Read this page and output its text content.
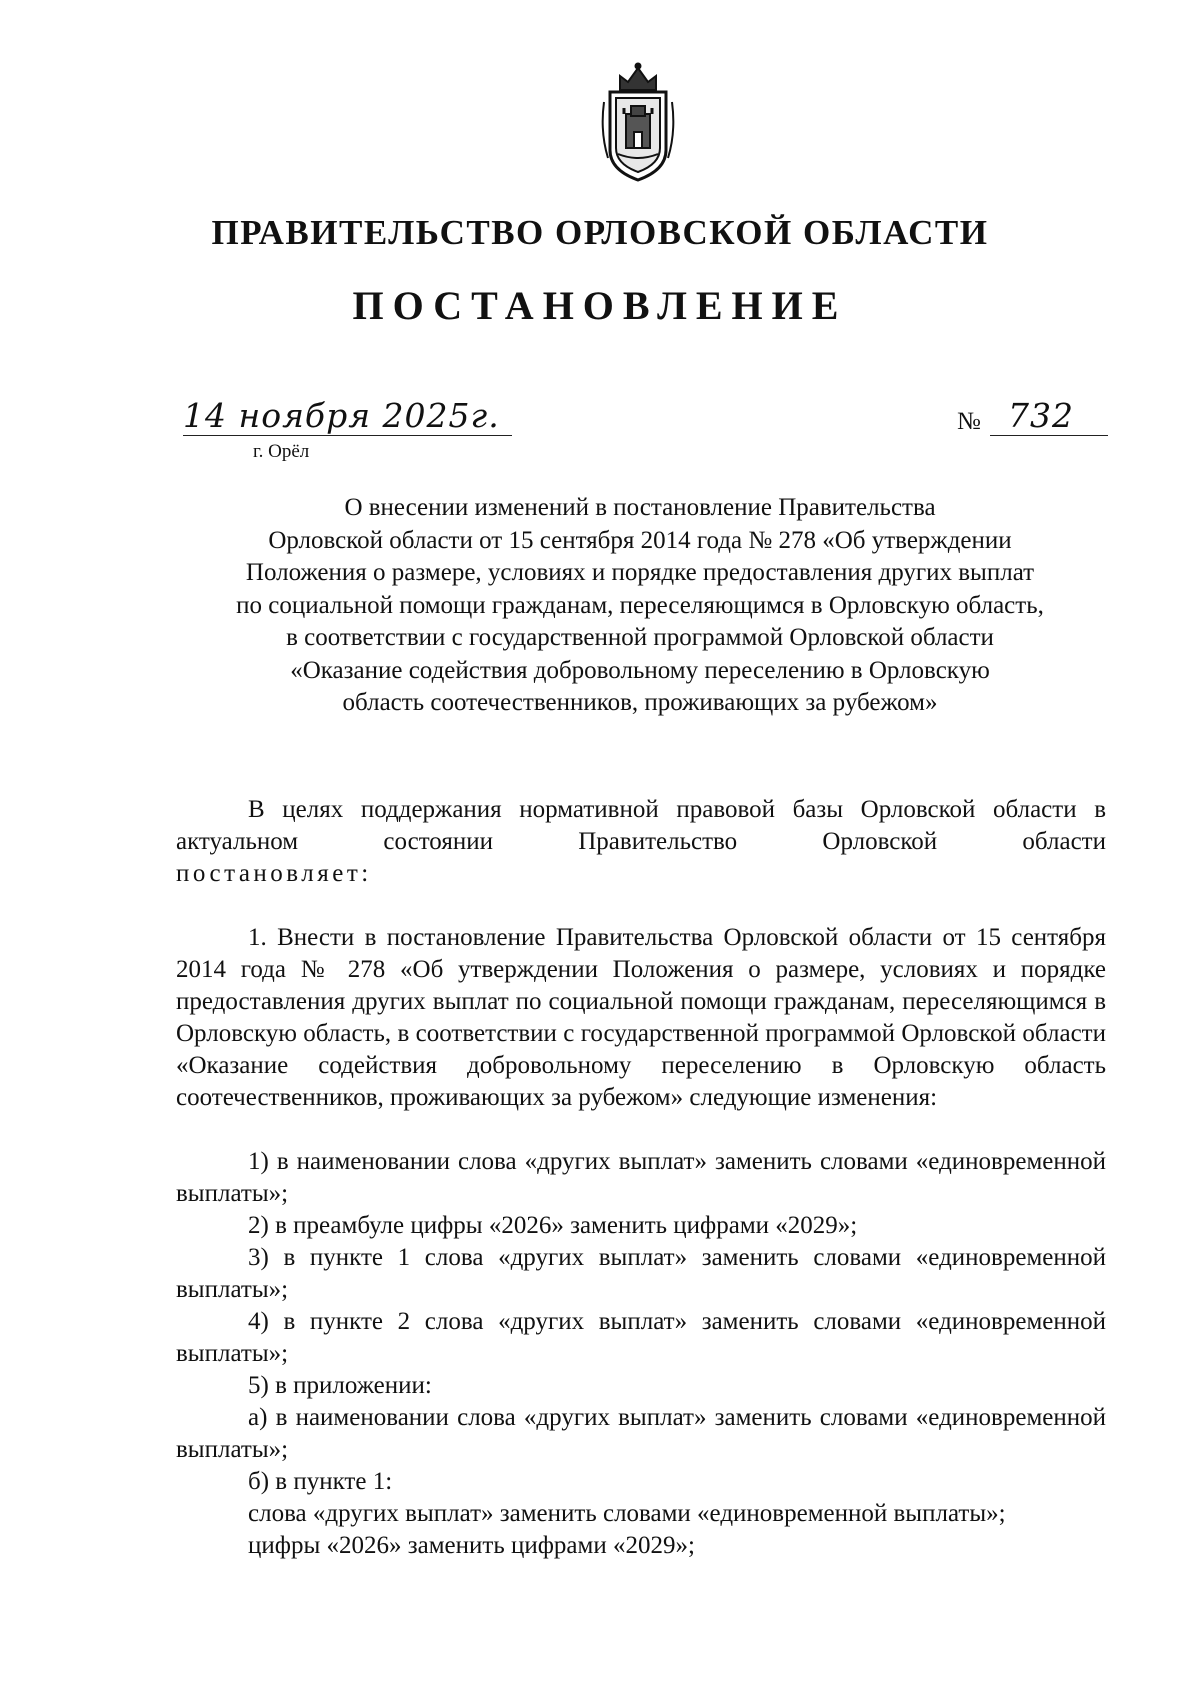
ПРАВИТЕЛЬСТВО ОРЛОВСКОЙ ОБЛАСТИ
ПОСТАНОВЛЕНИЕ
14 ноября 2025г.
г. Орёл
№ 732
О внесении изменений в постановление Правительства
Орловской области от 15 сентября 2014 года № 278 «Об утверждении
Положения о размере, условиях и порядке предоставления других выплат
по социальной помощи гражданам, переселяющимся в Орловскую область,
в соответствии с государственной программой Орловской области
«Оказание содействия добровольному переселению в Орловскую
область соотечественников, проживающих за рубежом»
В целях поддержания нормативной правовой базы Орловской области в актуальном состоянии Правительство Орловской области
постановляет:
1. Внести в постановление Правительства Орловской области от 15 сентября 2014 года № 278 «Об утверждении Положения о размере, условиях и порядке предоставления других выплат по социальной помощи гражданам, переселяющимся в Орловскую область, в соответствии с государственной программой Орловской области «Оказание содействия добровольному переселению в Орловскую область соотечественников, проживающих за рубежом» следующие изменения:
1) в наименовании слова «других выплат» заменить словами «единовременной выплаты»;
2) в преамбуле цифры «2026» заменить цифрами «2029»;
3) в пункте 1 слова «других выплат» заменить словами «единовременной выплаты»;
4) в пункте 2 слова «других выплат» заменить словами «единовременной выплаты»;
5) в приложении:
а) в наименовании слова «других выплат» заменить словами «единовременной выплаты»;
б) в пункте 1:
слова «других выплат» заменить словами «единовременной выплаты»;
цифры «2026» заменить цифрами «2029»;
